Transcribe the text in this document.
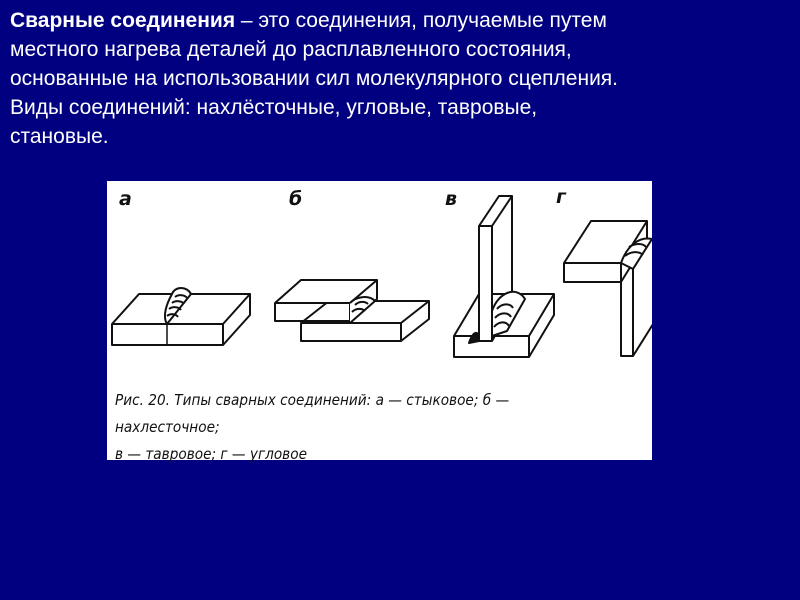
Сварные соединения – это соединения, получаемые путем
местного нагрева деталей до расплавленного состояния,
основанные на использовании сил молекулярного сцепления.
Виды соединений: нахлёсточные, угловые, тавровые,
становые.
а	б	в	г
Рис. 20. Типы сварных соединений: а — стыковое; б — нахлесточное;
в — тавровое; г — угловое
